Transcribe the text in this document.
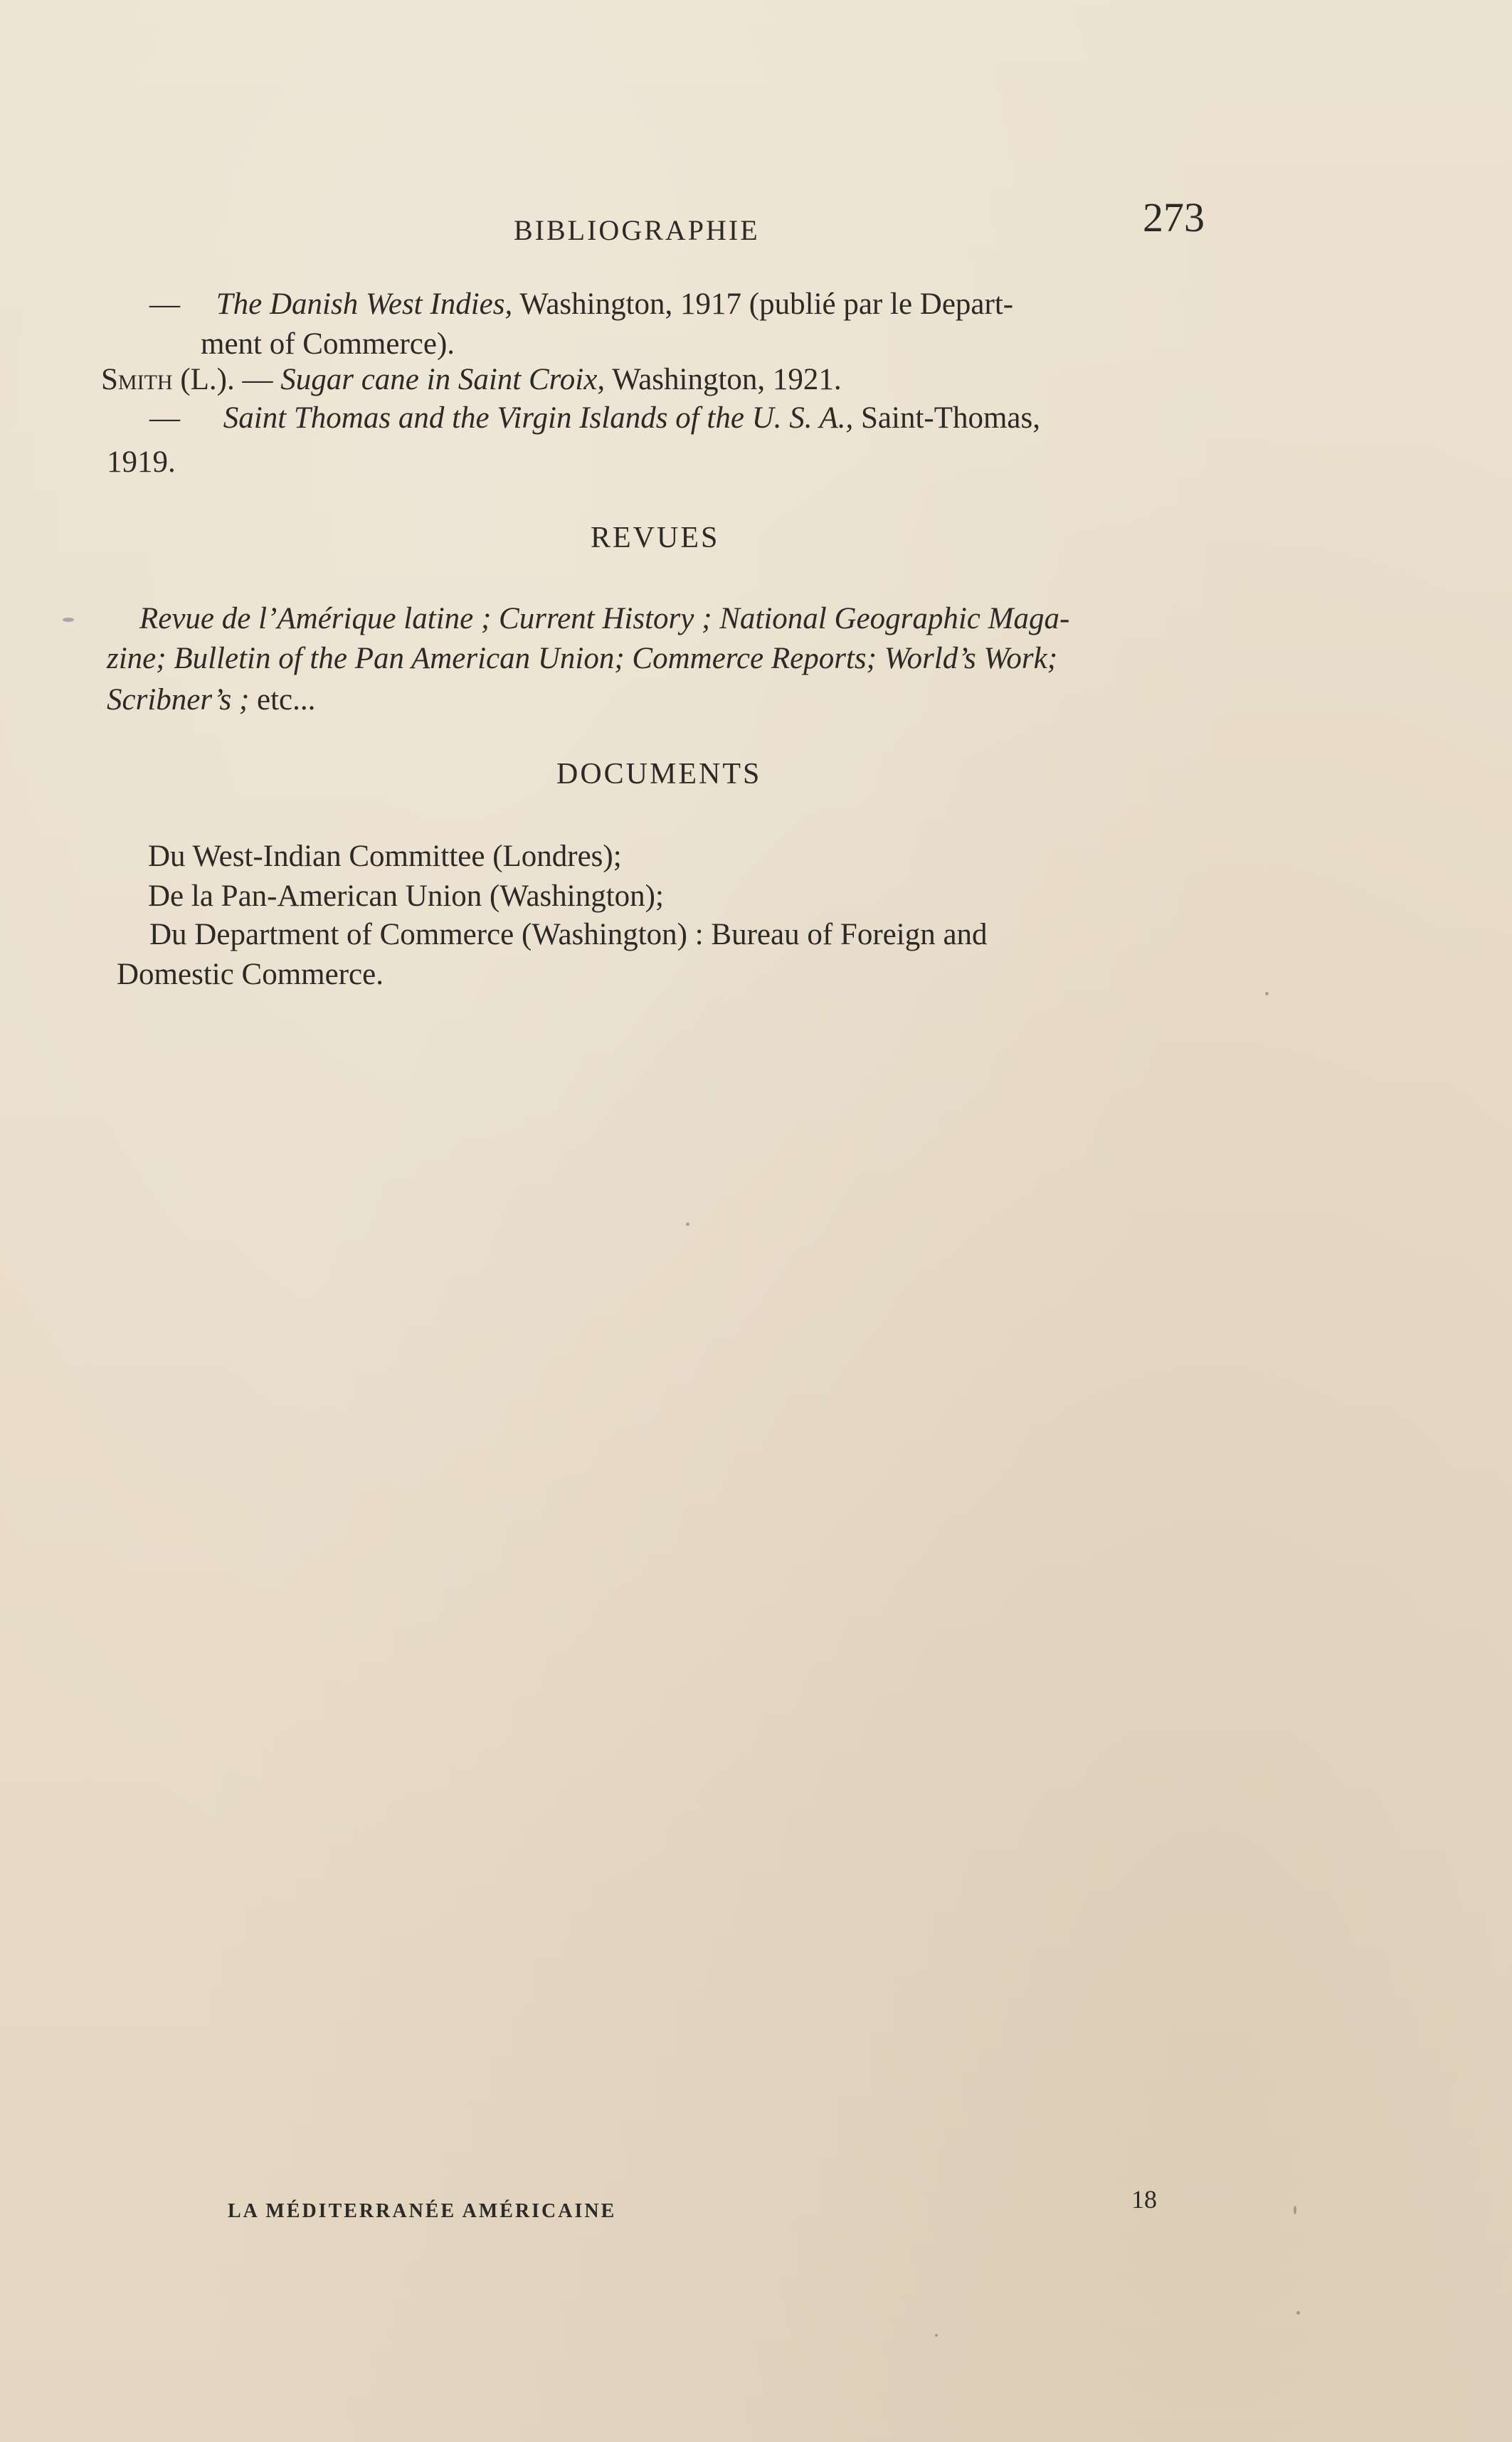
BIBLIOGRAPHIE	273
— The Danish West Indies, Washington, 1917 (publié par le Depart-
ment of Commerce).
Smith (L.). — Sugar cane in Saint Croix, Washington, 1921.
— Saint Thomas and the Virgin Islands of the U. S. A., Saint-Thomas,
1919.
REVUES
Revue de l’Amérique latine ; Current History ; National Geographic Maga-
zine; Bulletin of the Pan American Union; Commerce Reports; World’s Work;
Scribner’s ; etc...
DOCUMENTS
Du West-Indian Committee (Londres);
De la Pan-American Union (Washington);
Du Department of Commerce (Washington) : Bureau of Foreign and
Domestic Commerce.
LA MÉDITERRANÉE AMÉRICAINE	18
